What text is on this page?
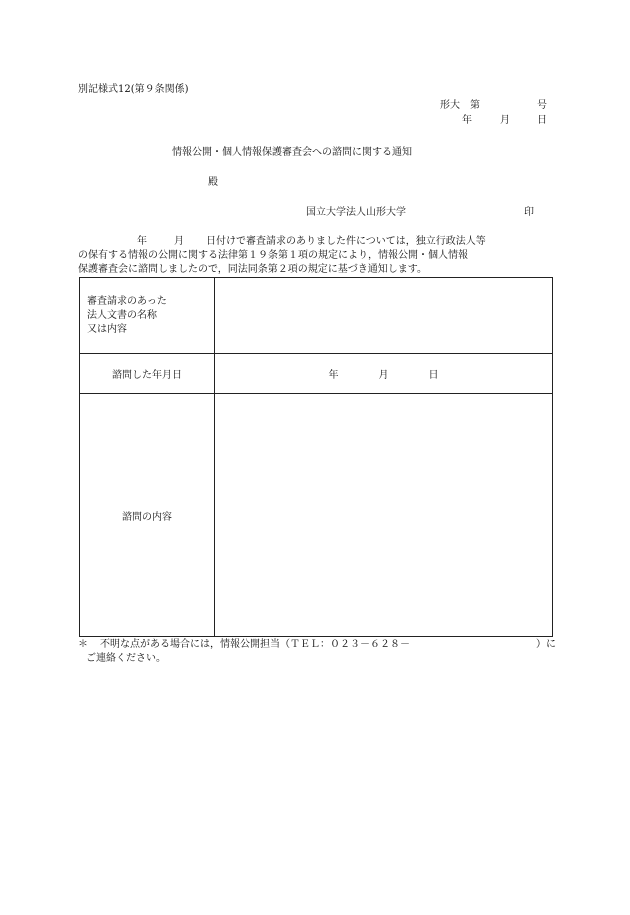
別記様式12(第９条関係)
形大　第	号
年	月	日
情報公開・個人情報保護審査会への諮問に関する通知
殿
国立大学法人山形大学	印
年	月 日付けで審査請求のありました件については，独立行政法人等
の保有する情報の公開に関する法律第１９条第１項の規定により，情報公開・個人情報
保護審査会に諮問しましたので，同法同条第２項の規定に基づき通知します。
審査請求のあった
法人文書の名称
又は内容	

諮問した年月日	年 月 日
諮問の内容	
＊ 不明な点がある場合には，情報公開担当（ＴＥＬ：０２３－６２８－	）に
ご連絡ください。
